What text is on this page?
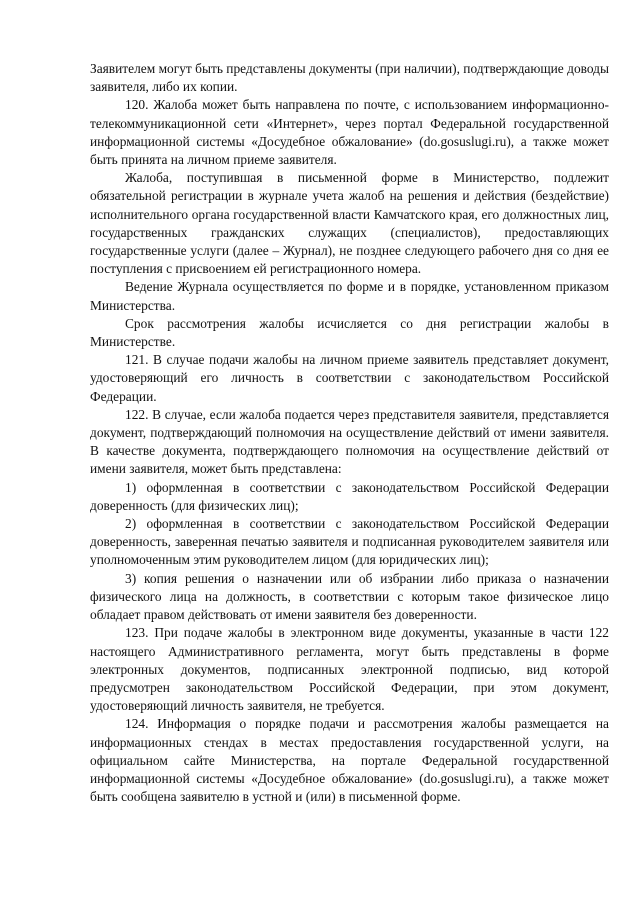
Заявителем могут быть представлены документы (при наличии), подтверждающие доводы заявителя, либо их копии.

120. Жалоба может быть направлена по почте, с использованием информационно-телекоммуникационной сети «Интернет», через портал Федеральной государственной информационной системы «Досудебное обжалование» (do.gosuslugi.ru), а также может быть принята на личном приеме заявителя.

Жалоба, поступившая в письменной форме в Министерство, подлежит обязательной регистрации в журнале учета жалоб на решения и действия (бездействие) исполнительного органа государственной власти Камчатского края, его должностных лиц, государственных гражданских служащих (специалистов), предоставляющих государственные услуги (далее – Журнал), не позднее следующего рабочего дня со дня ее поступления с присвоением ей регистрационного номера.

Ведение Журнала осуществляется по форме и в порядке, установленном приказом Министерства.

Срок рассмотрения жалобы исчисляется со дня регистрации жалобы в Министерстве.

121. В случае подачи жалобы на личном приеме заявитель представляет документ, удостоверяющий его личность в соответствии с законодательством Российской Федерации.

122. В случае, если жалоба подается через представителя заявителя, представляется документ, подтверждающий полномочия на осуществление действий от имени заявителя. В качестве документа, подтверждающего полномочия на осуществление действий от имени заявителя, может быть представлена:

1) оформленная в соответствии с законодательством Российской Федерации доверенность (для физических лиц);

2) оформленная в соответствии с законодательством Российской Федерации доверенность, заверенная печатью заявителя и подписанная руководителем заявителя или уполномоченным этим руководителем лицом (для юридических лиц);

3) копия решения о назначении или об избрании либо приказа о назначении физического лица на должность, в соответствии с которым такое физическое лицо обладает правом действовать от имени заявителя без доверенности.

123. При подаче жалобы в электронном виде документы, указанные в части 122 настоящего Административного регламента, могут быть представлены в форме электронных документов, подписанных электронной подписью, вид которой предусмотрен законодательством Российской Федерации, при этом документ, удостоверяющий личность заявителя, не требуется.

124. Информация о порядке подачи и рассмотрения жалобы размещается на информационных стендах в местах предоставления государственной услуги, на официальном сайте Министерства, на портале Федеральной государственной информационной системы «Досудебное обжалование» (do.gosuslugi.ru), а также может быть сообщена заявителю в устной и (или) в письменной форме.
